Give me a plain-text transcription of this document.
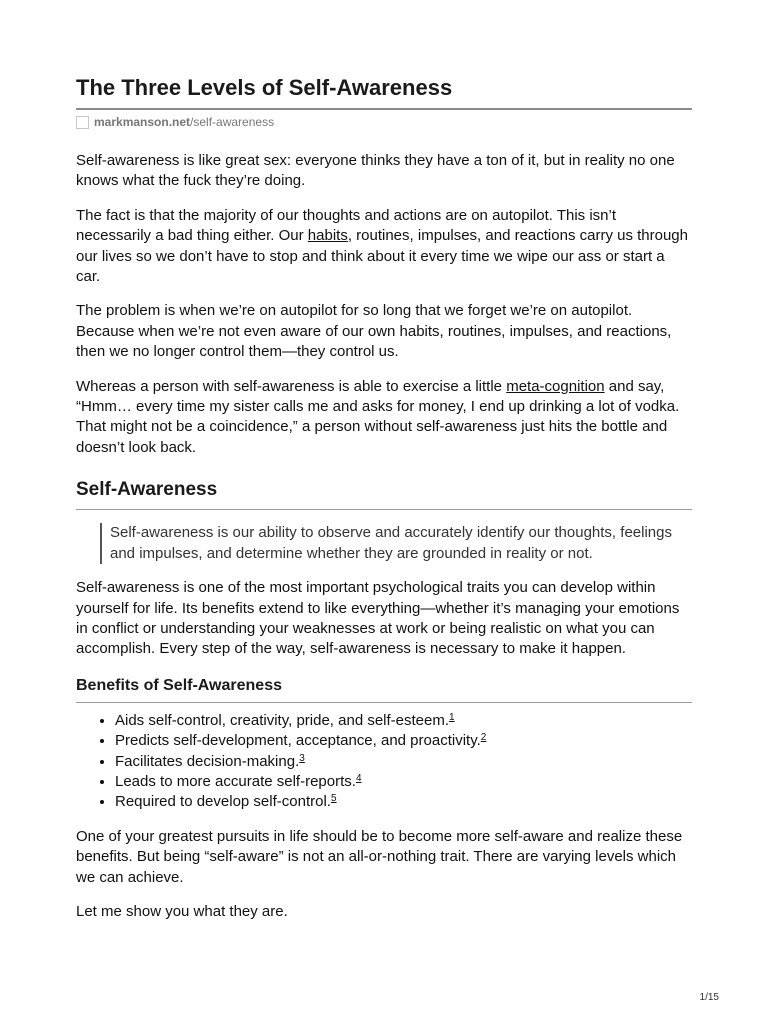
The Three Levels of Self-Awareness
markmanson.net/self-awareness

Self-awareness is like great sex: everyone thinks they have a ton of it, but in reality no one knows what the fuck they’re doing.

The fact is that the majority of our thoughts and actions are on autopilot. This isn’t necessarily a bad thing either. Our habits, routines, impulses, and reactions carry us through our lives so we don’t have to stop and think about it every time we wipe our ass or start a car.

The problem is when we’re on autopilot for so long that we forget we’re on autopilot. Because when we’re not even aware of our own habits, routines, impulses, and reactions, then we no longer control them—they control us.

Whereas a person with self-awareness is able to exercise a little meta-cognition and say, “Hmm… every time my sister calls me and asks for money, I end up drinking a lot of vodka. That might not be a coincidence,” a person without self-awareness just hits the bottle and doesn’t look back.

Self-Awareness
Self-awareness is our ability to observe and accurately identify our thoughts, feelings and impulses, and determine whether they are grounded in reality or not.

Self-awareness is one of the most important psychological traits you can develop within yourself for life. Its benefits extend to like everything—whether it’s managing your emotions in conflict or understanding your weaknesses at work or being realistic on what you can accomplish. Every step of the way, self-awareness is necessary to make it happen.

Benefits of Self-Awareness
• Aids self-control, creativity, pride, and self-esteem.$^1$
• Predicts self-development, acceptance, and proactivity.$^2$
• Facilitates decision-making.$^3$
• Leads to more accurate self-reports.$^4$
• Required to develop self-control.$^5$

One of your greatest pursuits in life should be to become more self-aware and realize these benefits. But being “self-aware” is not an all-or-nothing trait. There are varying levels which we can achieve.

Let me show you what they are.

1/15
